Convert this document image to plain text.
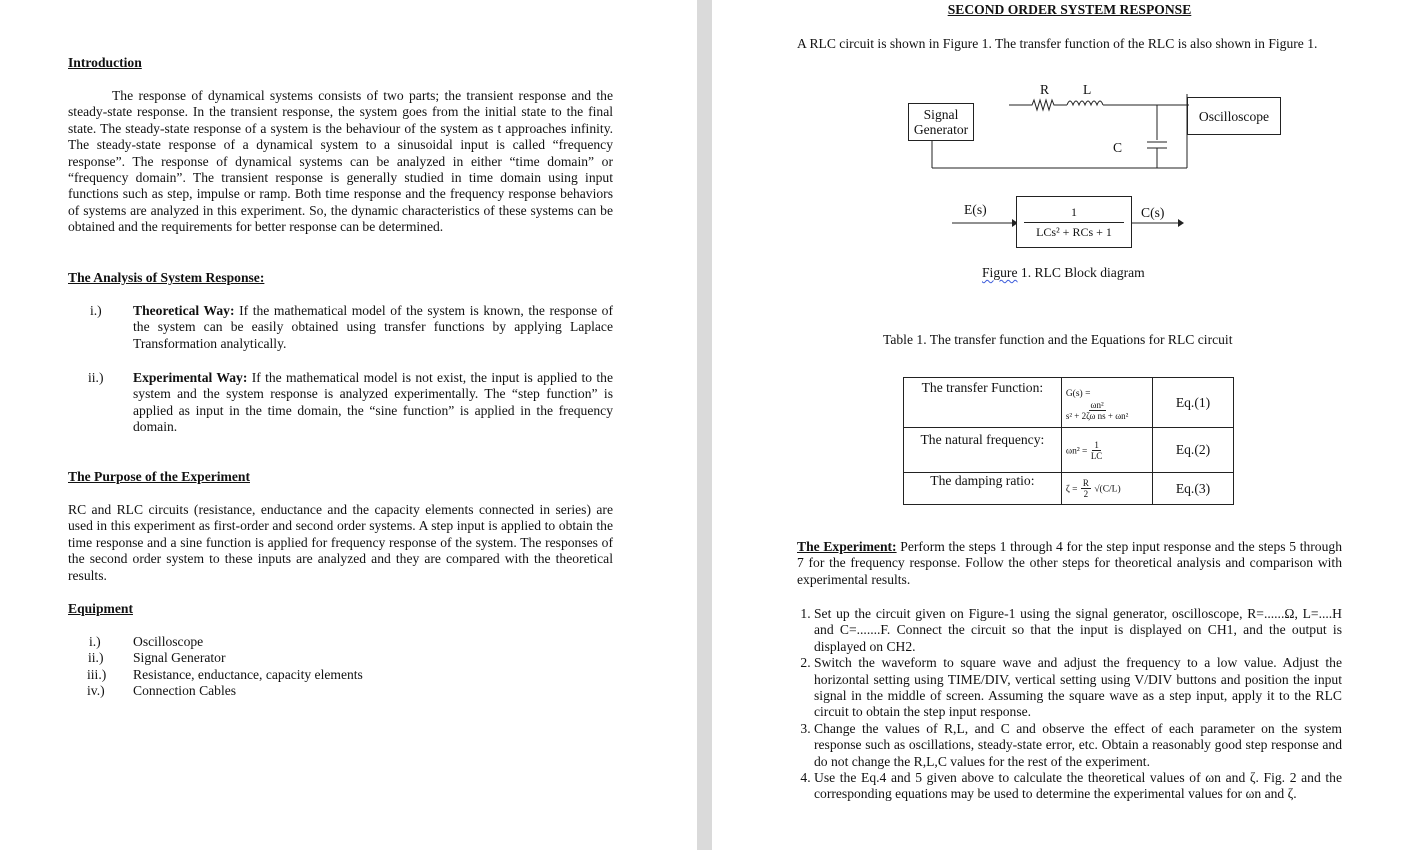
Introduction
The response of dynamical systems consists of two parts; the transient response and the steady-state response. In the transient response, the system goes from the initial state to the final state. The steady-state response of a system is the behaviour of the system as t approaches infinity. The steady-state response of a dynamical system to a sinusoidal input is called “frequency response”. The response of dynamical systems can be analyzed in either “time domain” or “frequency domain”. The transient response is generally studied in time domain using input functions such as step, impulse or ramp. Both time response and the frequency response behaviors of systems are analyzed in this experiment. So, the dynamic characteristics of these systems can be obtained and the requirements for better response can be determined.
The Analysis of System Response:
i.) Theoretical Way: If the mathematical model of the system is known, the response of the system can be easily obtained using transfer functions by applying Laplace Transformation analytically.
ii.) Experimental Way: If the mathematical model is not exist, the input is applied to the system and the system response is analyzed experimentally. The “step function” is applied as input in the time domain, the “sine function” is applied in the frequency domain.
The Purpose of the Experiment
RC and RLC circuits (resistance, enductance and the capacity elements connected in series) are used in this experiment as first-order and second order systems. A step input is applied to obtain the time response and a sine function is applied for frequency response of the system. The responses of the second order system to these inputs are analyzed and they are compared with the theoretical results.
Equipment
i.) Oscilloscope
ii.) Signal Generator
iii.) Resistance, enductance, capacity elements
iv.) Connection Cables
SECOND ORDER SYSTEM RESPONSE
A RLC circuit is shown in Figure 1. The transfer function of the RLC is also shown in Figure 1.
Signal
Generator
Oscilloscope
R L
C
E(s)	C(s)
1
LCs² + RCs + 1
Figure 1. RLC Block diagram
Table 1. The transfer function and the Equations for RLC circuit
The transfer Function:	G(s) =
$\frac{\text{ωn²}}{\text{s² + 2ζω ns + ωn²}}$	Eq.(1)
The natural frequency:	$\omega n^2 = \frac{1}{LC}$	Eq.(2)
The damping ratio:	$\zeta = \frac{R}{2} √(C/L)$	Eq.(3)
The Experiment: Perform the steps 1 through 4 for the step input response and the steps 5 through 7 for the frequency response. Follow the other steps for theoretical analysis and comparison with experimental results.
1. Set up the circuit given on Figure-1 using the signal generator, oscilloscope, R=......Ω, L=....H and C=.......F. Connect the circuit so that the input is displayed on CH1, and the output is displayed on CH2.
2. Switch the waveform to square wave and adjust the frequency to a low value. Adjust the horizontal setting using TIME/DIV, vertical setting using V/DIV buttons and position the input signal in the middle of screen. Assuming the square wave as a step input, apply it to the RLC circuit to obtain the step input response.
3. Change the values of R,L, and C and observe the effect of each parameter on the system response such as oscillations, steady-state error, etc. Obtain a reasonably good step response and do not change the R,L,C values for the rest of the experiment.
4. Use the Eq.4 and 5 given above to calculate the theoretical values of ωn and ζ. Fig. 2 and the corresponding equations may be used to determine the experimental values for ωn and ζ.
